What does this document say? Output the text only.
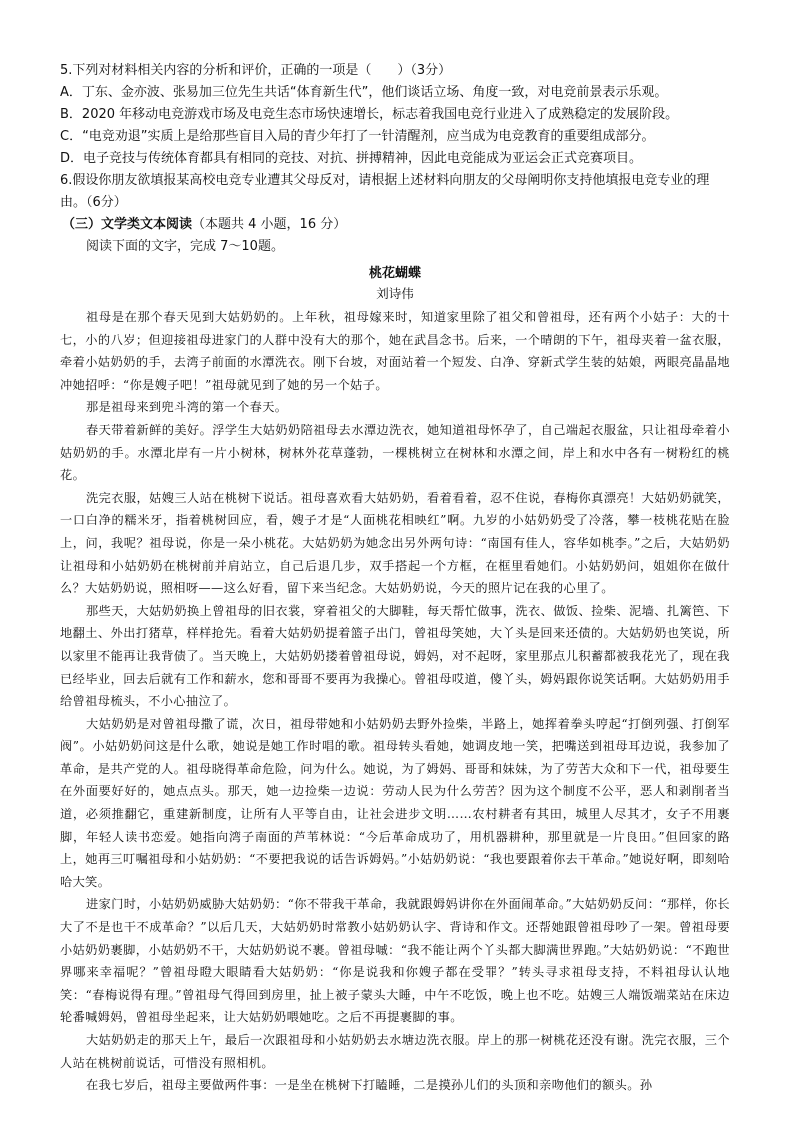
5.下列对材料相关内容的分析和评价，正确的一项是（　　）（3分）

A．丁东、金亦波、张易加三位先生共话“体育新生代”，他们谈话立场、角度一致，对电竞前景表示乐观。

B．2020 年移动电竞游戏市场及电竞生态市场快速增长，标志着我国电竞行业进入了成熟稳定的发展阶段。

C．“电竞劝退”实质上是给那些盲目入局的青少年打了一针清醒剂，应当成为电竞教育的重要组成部分。

D．电子竞技与传统体育都具有相同的竞技、对抗、拼搏精神，因此电竞能成为亚运会正式竞赛项目。

6.假设你朋友欲填报某高校电竞专业遭其父母反对，请根据上述材料向朋友的父母阐明你支持他填报电竞专业的理由。（6分）

（三）文学类文本阅读（本题共 4 小题，16 分）

阅读下面的文字，完成 7～10题。

桃花蝴蝶

刘诗伟

祖母是在那个春天见到大姑奶奶的。上年秋，祖母嫁来时，知道家里除了祖父和曾祖母，还有两个小姑子：大的十七，小的八岁；但迎接祖母进家门的人群中没有大的那个，她在武昌念书。后来，一个晴朗的下午，祖母夹着一盆衣服，牵着小姑奶奶的手，去湾子前面的水潭洗衣。刚下台坡，对面站着一个短发、白净、穿新式学生装的姑娘，两眼亮晶晶地冲她招呼：“你是嫂子吧！”祖母就见到了她的另一个姑子。

那是祖母来到兜斗湾的第一个春天。

春天带着新鲜的美好。浮学生大姑奶奶陪祖母去水潭边洗衣，她知道祖母怀孕了，自己端起衣服盆，只让祖母牵着小姑奶奶的手。水潭北岸有一片小树林，树林外花草蓬勃，一棵桃树立在树林和水潭之间，岸上和水中各有一树粉红的桃花。

洗完衣服，姑嫂三人站在桃树下说话。祖母喜欢看大姑奶奶，看着看着，忍不住说，春梅你真漂亮！大姑奶奶就笑，一口白净的糯米牙，指着桃树回应，看，嫂子才是“人面桃花相映红”啊。九岁的小姑奶奶受了冷落，攀一枝桃花贴在脸上，问，我呢？祖母说，你是一朵小桃花。大姑奶奶为她念出另外两句诗：“南国有佳人，容华如桃李。”之后，大姑奶奶让祖母和小姑奶奶在桃树前并肩站立，自己后退几步，双手搭起一个方框，在框里看她们。小姑奶奶问，姐姐你在做什么？大姑奶奶说，照相呀——这么好看，留下来当纪念。大姑奶奶说，今天的照片记在我的心里了。

那些天，大姑奶奶换上曾祖母的旧衣裳，穿着祖父的大脚鞋，每天帮忙做事，洗衣、做饭、捡柴、泥墙、扎篱笆、下地翻土、外出打猪草，样样抢先。看着大姑奶奶提着篮子出门，曾祖母笑她，大丫头是回来还债的。大姑奶奶也笑说，所以家里不能再让我背债了。当天晚上，大姑奶奶搂着曾祖母说，姆妈，对不起呀，家里那点儿积蓄都被我花光了，现在我已经毕业，回去后就有工作和薪水，您和哥哥不要再为我操心。曾祖母哎道，傻丫头，姆妈跟你说笑话啊。大姑奶奶用手给曾祖母梳头，不小心抽泣了。

大姑奶奶是对曾祖母撒了谎，次日，祖母带她和小姑奶奶去野外捡柴，半路上，她挥着拳头哼起“打倒列强、打倒军阀”。小姑奶奶问这是什么歌，她说是她工作时唱的歌。祖母转头看她，她调皮地一笑，把嘴送到祖母耳边说，我参加了革命，是共产党的人。祖母晓得革命危险，问为什么。她说，为了姆妈、哥哥和妹妹，为了劳苦大众和下一代，祖母要生在外面要好好的，她点点头。那天，她一边捡柴一边说：劳动人民为什么劳苦？因为这个制度不公平，恶人和剥削者当道，必须推翻它，重建新制度，让所有人平等自由，让社会进步文明……农村耕者有其田，城里人尽其才，女子不用裹脚，年轻人读书恋爱。她指向湾子南面的芦苇林说：“今后革命成功了，用机器耕种，那里就是一片良田。”但回家的路上，她再三叮嘱祖母和小姑奶奶：“不要把我说的话告诉姆妈。”小姑奶奶说：“我也要跟着你去干革命。”她说好啊，即刻哈哈大笑。

进家门时，小姑奶奶威胁大姑奶奶：“你不带我干革命，我就跟姆妈讲你在外面闹革命。”大姑奶奶反问：“那样，你长大了不是也干不成革命？”以后几天，大姑奶奶时常教小姑奶奶认字、背诗和作文。还帮她跟曾祖母吵了一架。曾祖母要小姑奶奶裹脚，小姑奶奶不干，大姑奶奶说不裹。曾祖母嘁：“我不能让两个丫头都大脚满世界跑。”大姑奶奶说：“不跑世界哪来幸福呢？”曾祖母瞪大眼睛看大姑奶奶：“你是说我和你嫂子都在受罪？”转头寻求祖母支持，不料祖母认认地笑：“春梅说得有理。”曾祖母气得回到房里，扯上被子蒙头大睡，中午不吃饭，晚上也不吃。姑嫂三人端饭端菜站在床边轮番喊姆妈，曾祖母坐起来，让大姑奶奶喂她吃。之后不再提裹脚的事。

大姑奶奶走的那天上午，最后一次跟祖母和小姑奶奶去水塘边洗衣服。岸上的那一树桃花还没有谢。洗完衣服，三个人站在桃树前说话，可惜没有照相机。

在我七岁后，祖母主要做两件事：一是坐在桃树下打瞌睡，二是摸孙儿们的头顶和亲吻他们的额头。孙
